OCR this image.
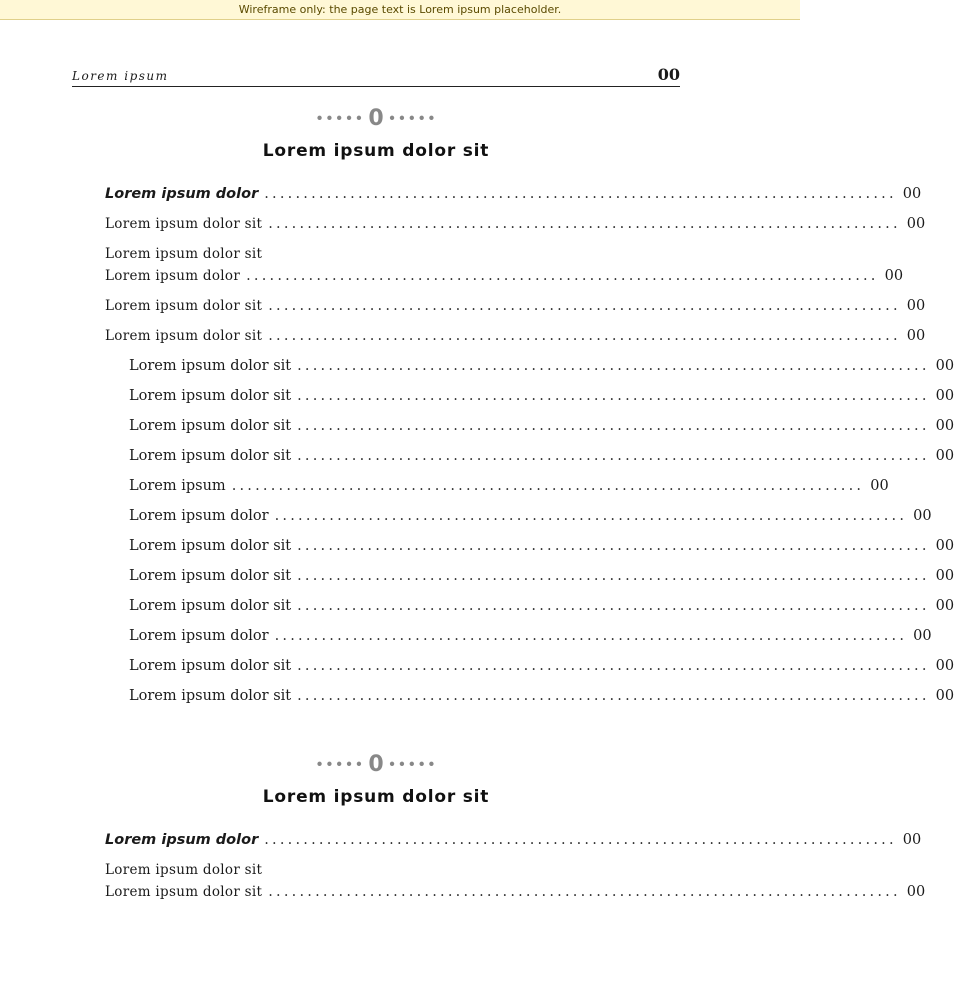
Wireframe only: the page text is Lorem ipsum placeholder.
Lorem ipsum	00
••••• 0 •••••
Lorem ipsum dolor sit
Lorem ipsum dolor ................................................................................. 00
Lorem ipsum dolor sit ................................................................................. 00
Lorem ipsum dolor sit
Lorem ipsum dolor ................................................................................. 00
Lorem ipsum dolor sit ................................................................................. 00
Lorem ipsum dolor sit ................................................................................. 00
Lorem ipsum dolor sit ................................................................................. 00
Lorem ipsum dolor sit ................................................................................. 00
Lorem ipsum dolor sit ................................................................................. 00
Lorem ipsum dolor sit ................................................................................. 00
Lorem ipsum ................................................................................. 00
Lorem ipsum dolor ................................................................................. 00
Lorem ipsum dolor sit ................................................................................. 00
Lorem ipsum dolor sit ................................................................................. 00
Lorem ipsum dolor sit ................................................................................. 00
Lorem ipsum dolor ................................................................................. 00
Lorem ipsum dolor sit ................................................................................. 00
Lorem ipsum dolor sit ................................................................................. 00
••••• 0 •••••
Lorem ipsum dolor sit
Lorem ipsum dolor ................................................................................. 00
Lorem ipsum dolor sit
Lorem ipsum dolor sit ................................................................................. 00
